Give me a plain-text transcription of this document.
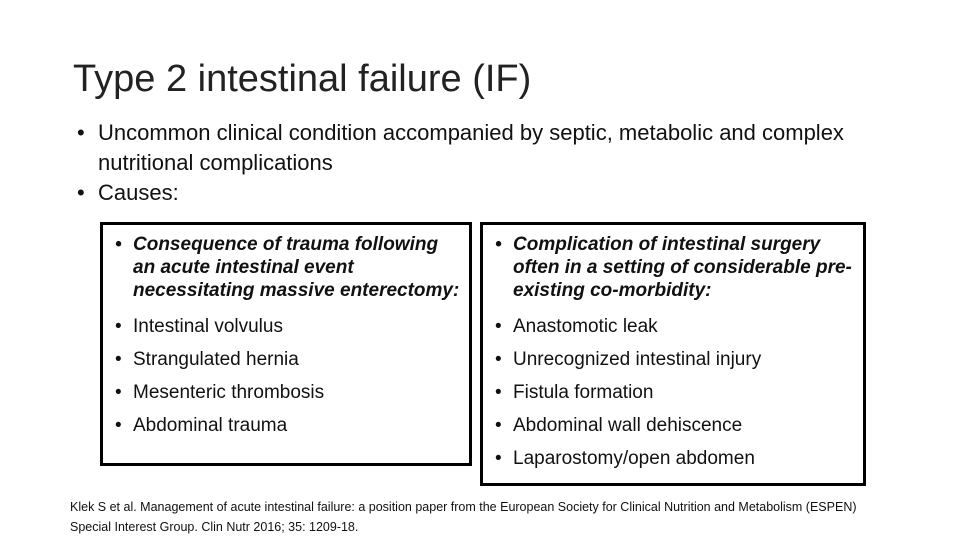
Type 2 intestinal failure (IF)
• Uncommon clinical condition accompanied by septic, metabolic and complex nutritional complications
• Causes:
• Consequence of trauma following an acute intestinal event necessitating massive enterectomy:
• Intestinal volvulus
• Strangulated hernia
• Mesenteric thrombosis
• Abdominal trauma
• Complication of intestinal surgery often in a setting of considerable pre-existing co-morbidity:
• Anastomotic leak
• Unrecognized intestinal injury
• Fistula formation
• Abdominal wall dehiscence
• Laparostomy/open abdomen

Klek S et al. Management of acute intestinal failure: a position paper from the European Society for Clinical Nutrition and Metabolism (ESPEN) Special Interest Group. Clin Nutr 2016; 35: 1209-18.
